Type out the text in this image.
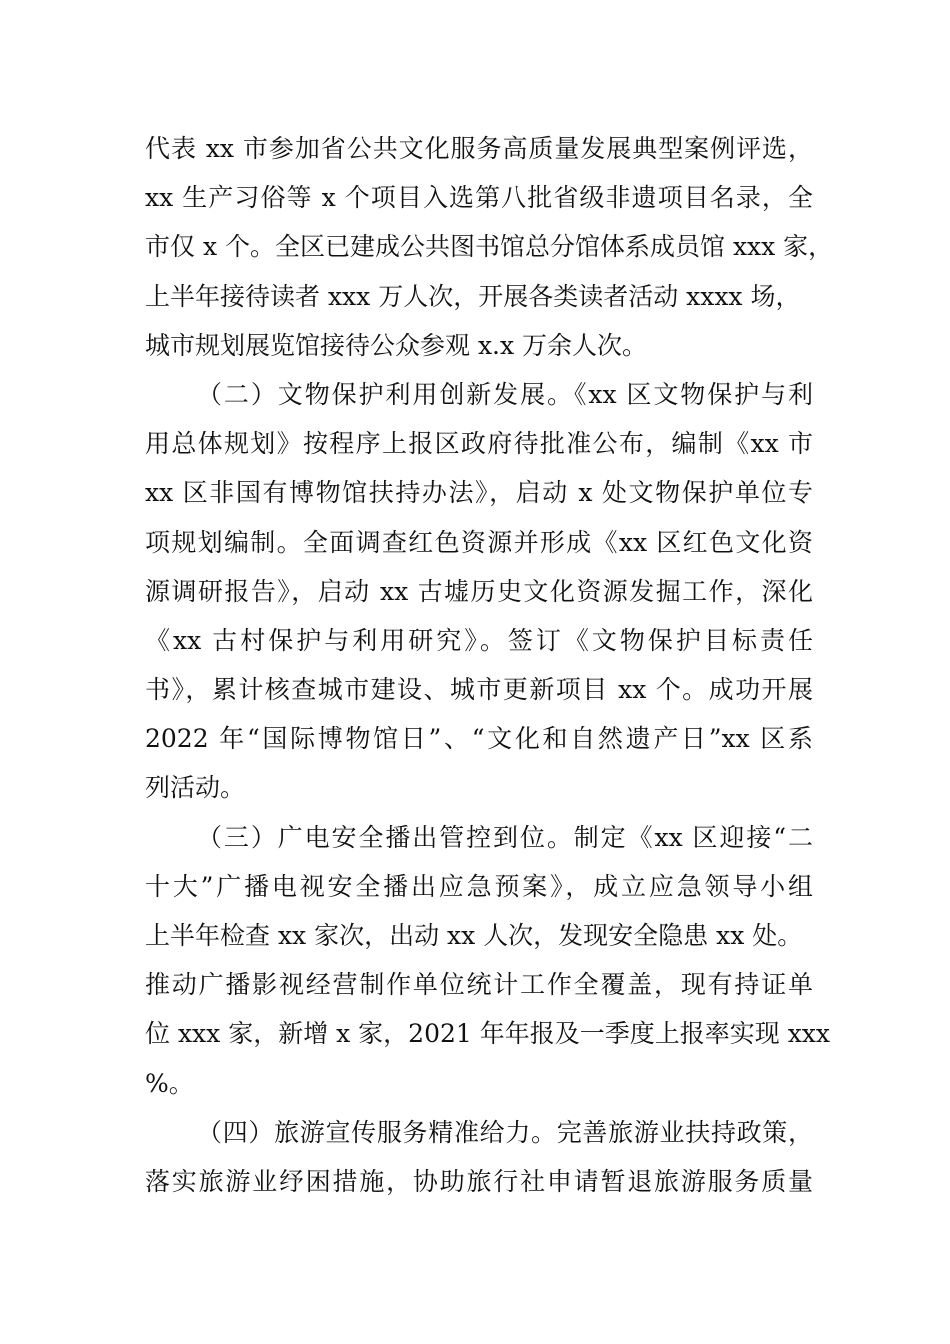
代表 xx 市参加省公共文化服务高质量发展典型案例评选，
xx 生产习俗等 x 个项目入选第八批省级非遗项目名录，全
市仅 x 个。全区已建成公共图书馆总分馆体系成员馆 xxx 家，
上半年接待读者 xxx 万人次，开展各类读者活动 xxxx 场，
城市规划展览馆接待公众参观 x.x 万余人次。
（二）文物保护利用创新发展。《xx 区文物保护与利
用总体规划》按程序上报区政府待批准公布，编制《xx 市
xx 区非国有博物馆扶持办法》，启动 x 处文物保护单位专
项规划编制。全面调查红色资源并形成《xx 区红色文化资
源调研报告》，启动 xx 古墟历史文化资源发掘工作，深化
《xx 古村保护与利用研究》。签订《文物保护目标责任
书》，累计核查城市建设、城市更新项目 xx 个。成功开展
2022 年“国际博物馆日”、“文化和自然遗产日”xx 区系
列活动。
（三）广电安全播出管控到位。制定《xx 区迎接“二
十大”广播电视安全播出应急预案》，成立应急领导小组
上半年检查 xx 家次，出动 xx 人次，发现安全隐患 xx 处。
推动广播影视经营制作单位统计工作全覆盖，现有持证单
位 xxx 家，新增 x 家，2021 年年报及一季度上报率实现 xxx
%。
（四）旅游宣传服务精准给力。完善旅游业扶持政策，
落实旅游业纾困措施，协助旅行社申请暂退旅游服务质量
